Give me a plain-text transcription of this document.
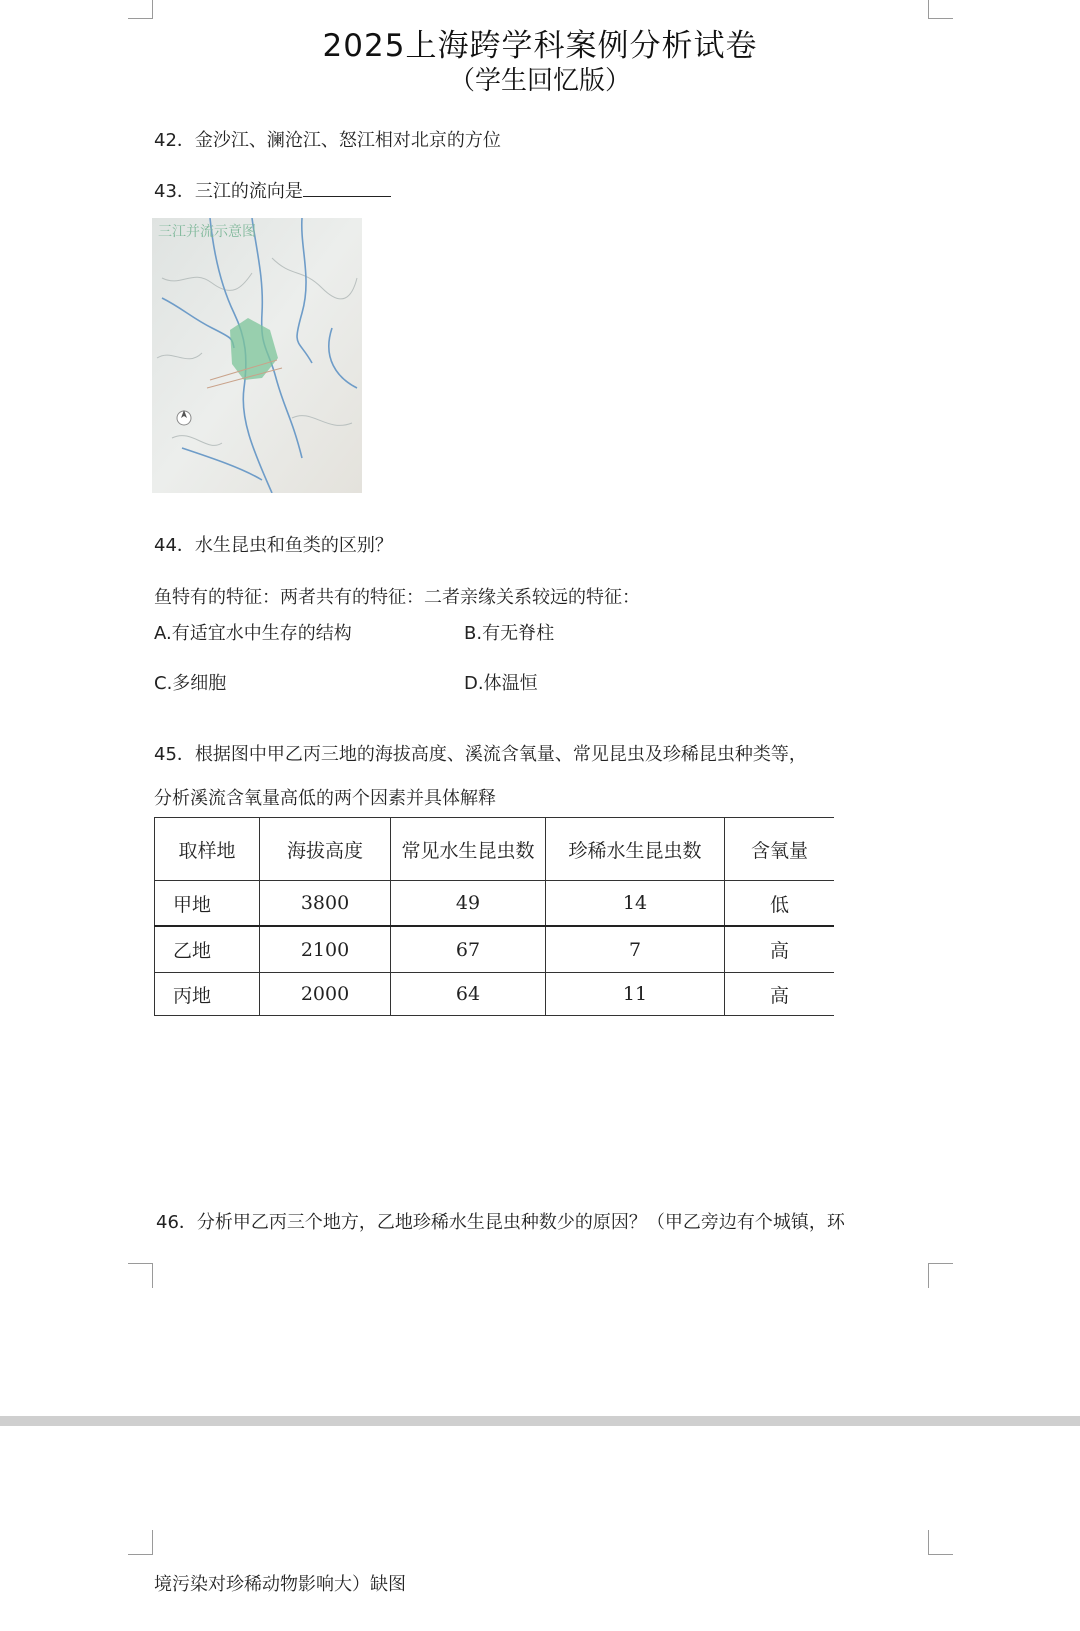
2025上海跨学科案例分析试卷
（学生回忆版）
42．金沙江、澜沧江、怒江相对北京的方位
43．三江的流向是
三江并流示意图
44．水生昆虫和鱼类的区别？
鱼特有的特征：两者共有的特征：二者亲缘关系较远的特征：
A.有适宜水中生存的结构	B.有无脊柱
C.多细胞	D.体温恒
45．根据图中甲乙丙三地的海拔高度、溪流含氧量、常见昆虫及珍稀昆虫种类等，
分析溪流含氧量高低的两个因素并具体解释
取样地	海拔高度	常见水生昆虫数	珍稀水生昆虫数	含氧量
甲地	3800	49	14	低
乙地	2100	67	7	高
丙地	2000	64	11	高
46．分析甲乙丙三个地方，乙地珍稀水生昆虫种数少的原因？（甲乙旁边有个城镇，环
境污染对珍稀动物影响大）缺图
